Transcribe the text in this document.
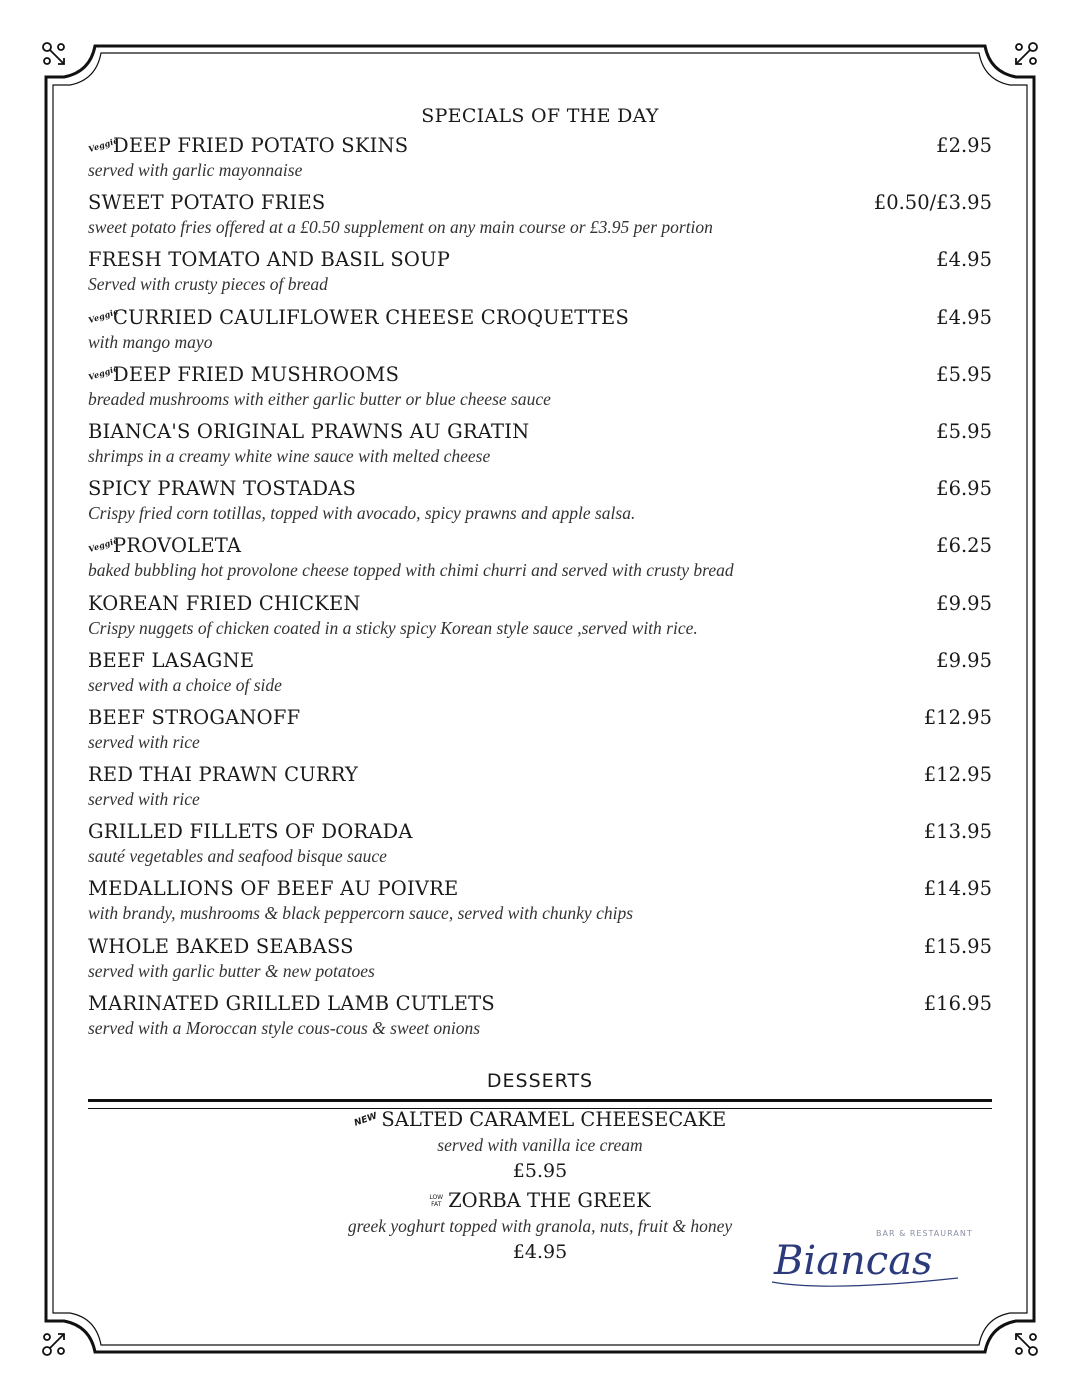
SPECIALS OF THE DAY
Veggie
DEEP FRIED POTATO SKINS	£2.95
served with garlic mayonnaise
SWEET POTATO FRIES	£0.50/£3.95
sweet potato fries offered at a £0.50 supplement on any main course or £3.95 per portion
FRESH TOMATO AND BASIL SOUP	£4.95
Served with crusty pieces of bread
Veggie
CURRIED CAULIFLOWER CHEESE CROQUETTES	£4.95
with mango mayo
Veggie
DEEP FRIED MUSHROOMS	£5.95
breaded mushrooms with either garlic butter or blue cheese sauce
BIANCA'S ORIGINAL PRAWNS AU GRATIN	£5.95
shrimps in a creamy white wine sauce with melted cheese
SPICY PRAWN TOSTADAS	£6.95
Crispy fried corn totillas, topped with avocado, spicy prawns and apple salsa.
Veggie
PROVOLETA	£6.25
baked bubbling hot provolone cheese topped with chimi churri and served with crusty bread
KOREAN FRIED CHICKEN	£9.95
Crispy nuggets of chicken coated in a sticky spicy Korean style sauce ,served with rice.
BEEF LASAGNE	£9.95
served with a choice of side
BEEF STROGANOFF	£12.95
served with rice
RED THAI PRAWN CURRY	£12.95
served with rice
GRILLED FILLETS OF DORADA	£13.95
sauté vegetables and seafood bisque sauce
MEDALLIONS OF BEEF AU POIVRE	£14.95
with brandy, mushrooms & black peppercorn sauce, served with chunky chips
WHOLE BAKED SEABASS	£15.95
served with garlic butter & new potatoes
MARINATED GRILLED LAMB CUTLETS	£16.95
served with a Moroccan style cous-cous & sweet onions
DESSERTS
NEW SALTED CARAMEL CHEESECAKE
served with vanilla ice cream
£5.95
LOW
FAT ZORBA THE GREEK
greek yoghurt topped with granola, nuts, fruit & honey
£4.95
BAR & RESTAURANT
Biancas
